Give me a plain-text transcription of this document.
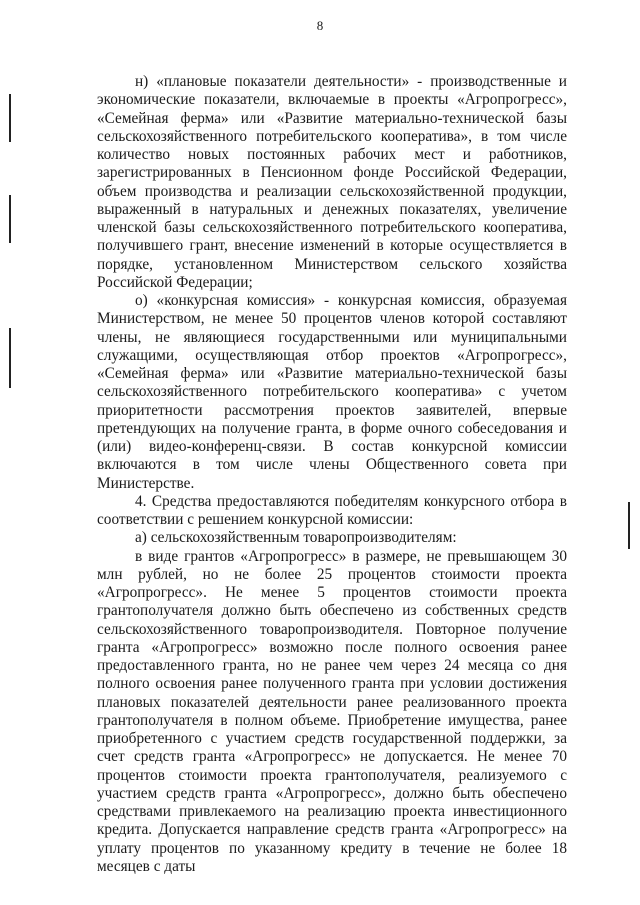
8

н) «плановые показатели деятельности» - производственные и экономические показатели, включаемые в проекты «Агропрогресс», «Семейная ферма» или «Развитие материально-технической базы сельскохозяйственного потребительского кооператива», в том числе количество новых постоянных рабочих мест и работников, зарегистрированных в Пенсионном фонде Российской Федерации, объем производства и реализации сельскохозяйственной продукции, выраженный в натуральных и денежных показателях, увеличение членской базы сельскохозяйственного потребительского кооператива, получившего грант, внесение изменений в которые осуществляется в порядке, установленном Министерством сельского хозяйства Российской Федерации;

о) «конкурсная комиссия» - конкурсная комиссия, образуемая Министерством, не менее 50 процентов членов которой составляют члены, не являющиеся государственными или муниципальными служащими, осуществляющая отбор проектов «Агропрогресс», «Семейная ферма» или «Развитие материально-технической базы сельскохозяйственного потребительского кооператива» с учетом приоритетности рассмотрения проектов заявителей, впервые претендующих на получение гранта, в форме очного собеседования и (или) видео-конференц-связи. В состав конкурсной комиссии включаются в том числе члены Общественного совета при Министерстве.

4. Средства предоставляются победителям конкурсного отбора в соответствии с решением конкурсной комиссии:

а) сельскохозяйственным товаропроизводителям:

в виде грантов «Агропрогресс» в размере, не превышающем 30 млн рублей, но не более 25 процентов стоимости проекта «Агропрогресс». Не менее 5 процентов стоимости проекта грантополучателя должно быть обеспечено из собственных средств сельскохозяйственного товаропроизводителя. Повторное получение гранта «Агропрогресс» возможно после полного освоения ранее предоставленного гранта, но не ранее чем через 24 месяца со дня полного освоения ранее полученного гранта при условии достижения плановых показателей деятельности ранее реализованного проекта грантополучателя в полном объеме. Приобретение имущества, ранее приобретенного с участием средств государственной поддержки, за счет средств гранта «Агропрогресс» не допускается. Не менее 70 процентов стоимости проекта грантополучателя, реализуемого с участием средств гранта «Агропрогресс», должно быть обеспечено средствами привлекаемого на реализацию проекта инвестиционного кредита. Допускается направление средств гранта «Агропрогресс» на уплату процентов по указанному кредиту в течение не более 18 месяцев с даты
